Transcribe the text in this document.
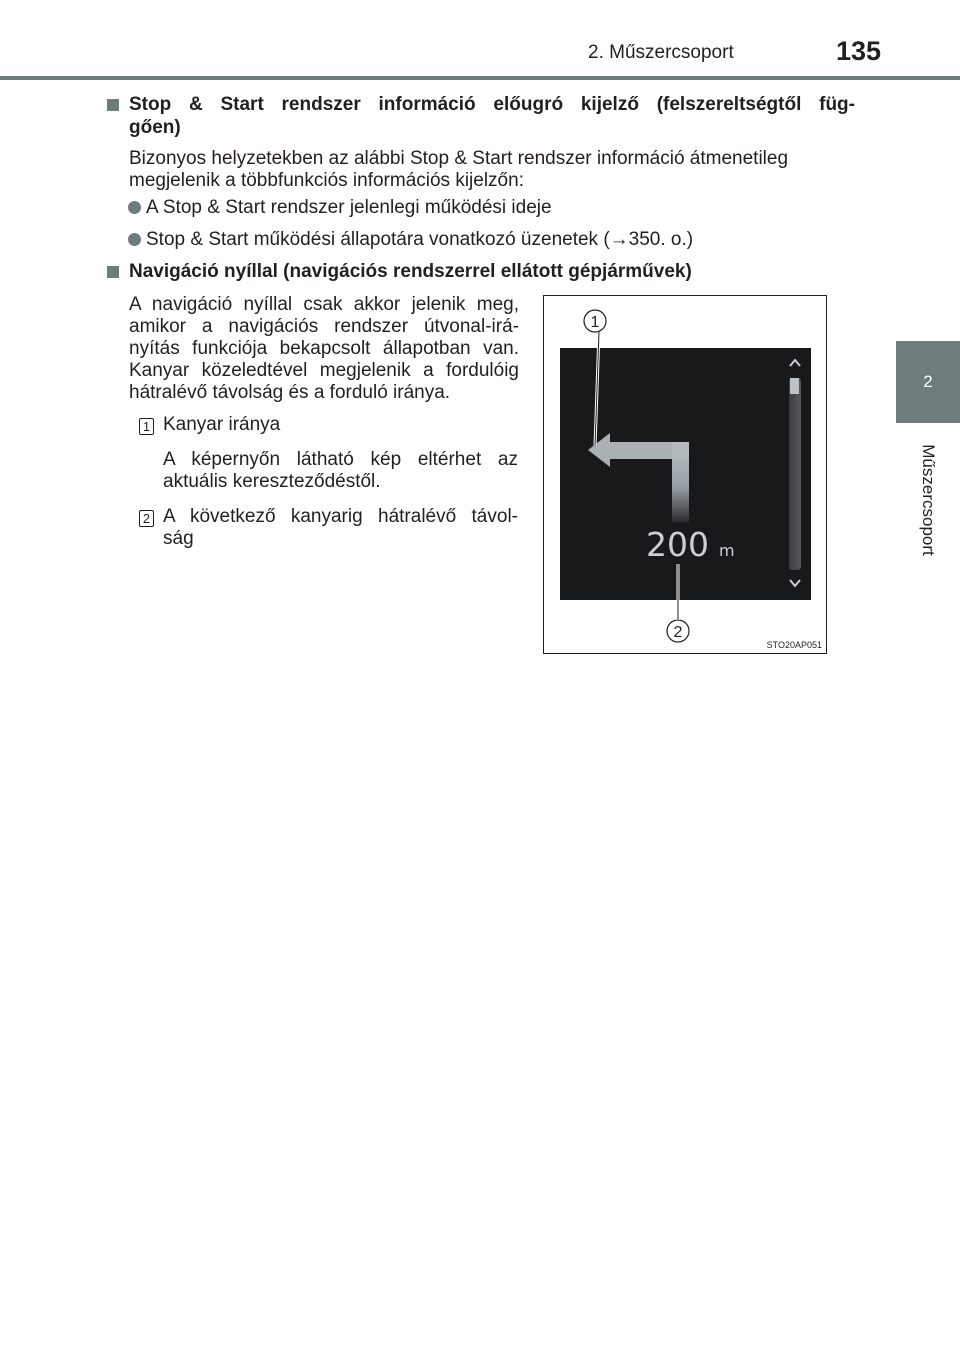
2. Műszercsoport	135
2
Műszercsoport
Stop & Start rendszer információ előugró kijelző (felszereltségtől füg-
gően)
Bizonyos helyzetekben az alábbi Stop & Start rendszer információ átmenetileg
megjelenik a többfunkciós információs kijelzőn:
A Stop & Start rendszer jelenlegi működési ideje
Stop & Start működési állapotára vonatkozó üzenetek (→350. o.)
Navigáció nyíllal (navigációs rendszerrel ellátott gépjárművek)
A navigáció nyíllal csak akkor jelenik meg,
amikor a navigációs rendszer útvonal-irá-
nyítás funkciója bekapcsolt állapotban van.
Kanyar közeledtével megjelenik a fordulóig
hátralévő távolság és a forduló iránya.
1 Kanyar iránya
A képernyőn látható kép eltérhet az
aktuális kereszteződéstől.
2 A következő kanyarig hátralévő távol-
ság
1
2
200 m
STO20AP051
